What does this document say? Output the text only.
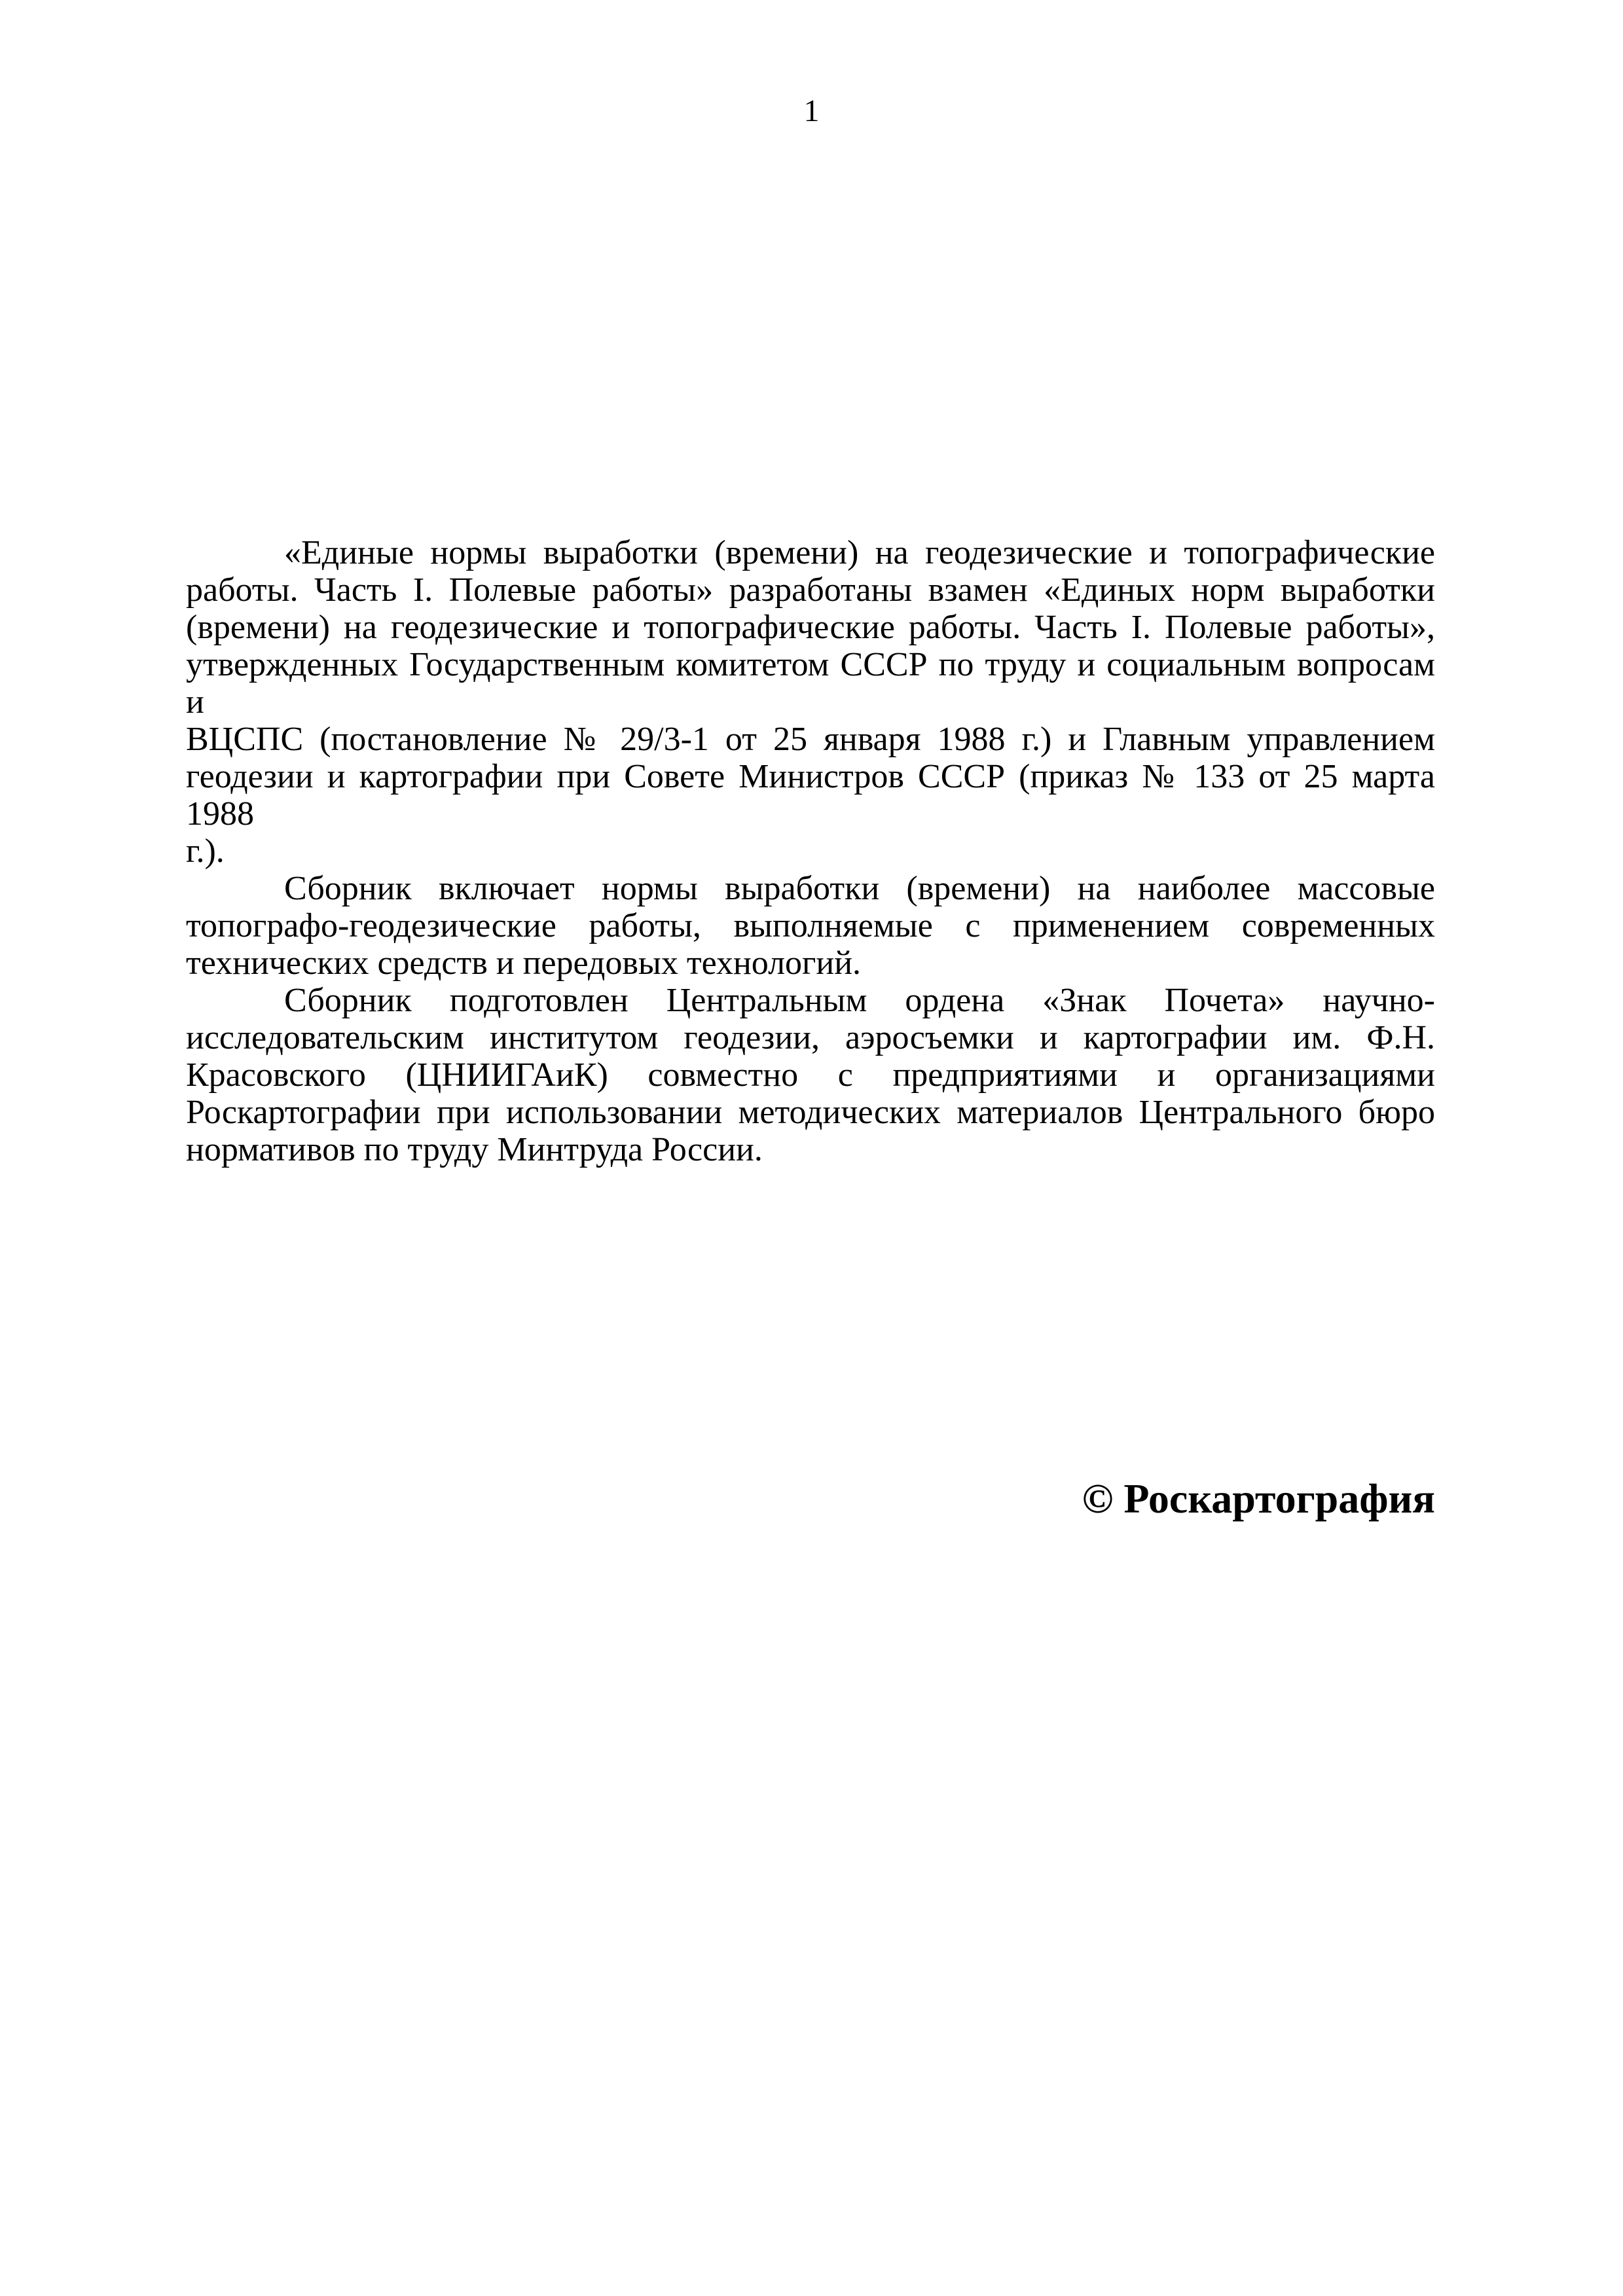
1
«Единые нормы выработки (времени) на геодезические и топографические
работы. Часть I. Полевые работы» разработаны взамен «Единых норм выработки
(времени) на геодезические и топографические работы. Часть I. Полевые работы»,
утвержденных Государственным комитетом СССР по труду и социальным вопросам и
ВЦСПС (постановление № 29/3-1 от 25 января 1988 г.) и Главным управлением
геодезии и картографии при Совете Министров СССР (приказ № 133 от 25 марта 1988
г.).
Сборник включает нормы выработки (времени) на наиболее массовые
топографо-геодезические работы, выполняемые с применением современных
технических средств и передовых технологий.
Сборник подготовлен Центральным ордена «Знак Почета» научно-
исследовательским институтом геодезии, аэросъемки и картографии им. Ф.Н.
Красовского (ЦНИИГАиК) совместно с предприятиями и организациями
Роскартографии при использовании методических материалов Центрального бюро
нормативов по труду Минтруда России.
© Роскартография
